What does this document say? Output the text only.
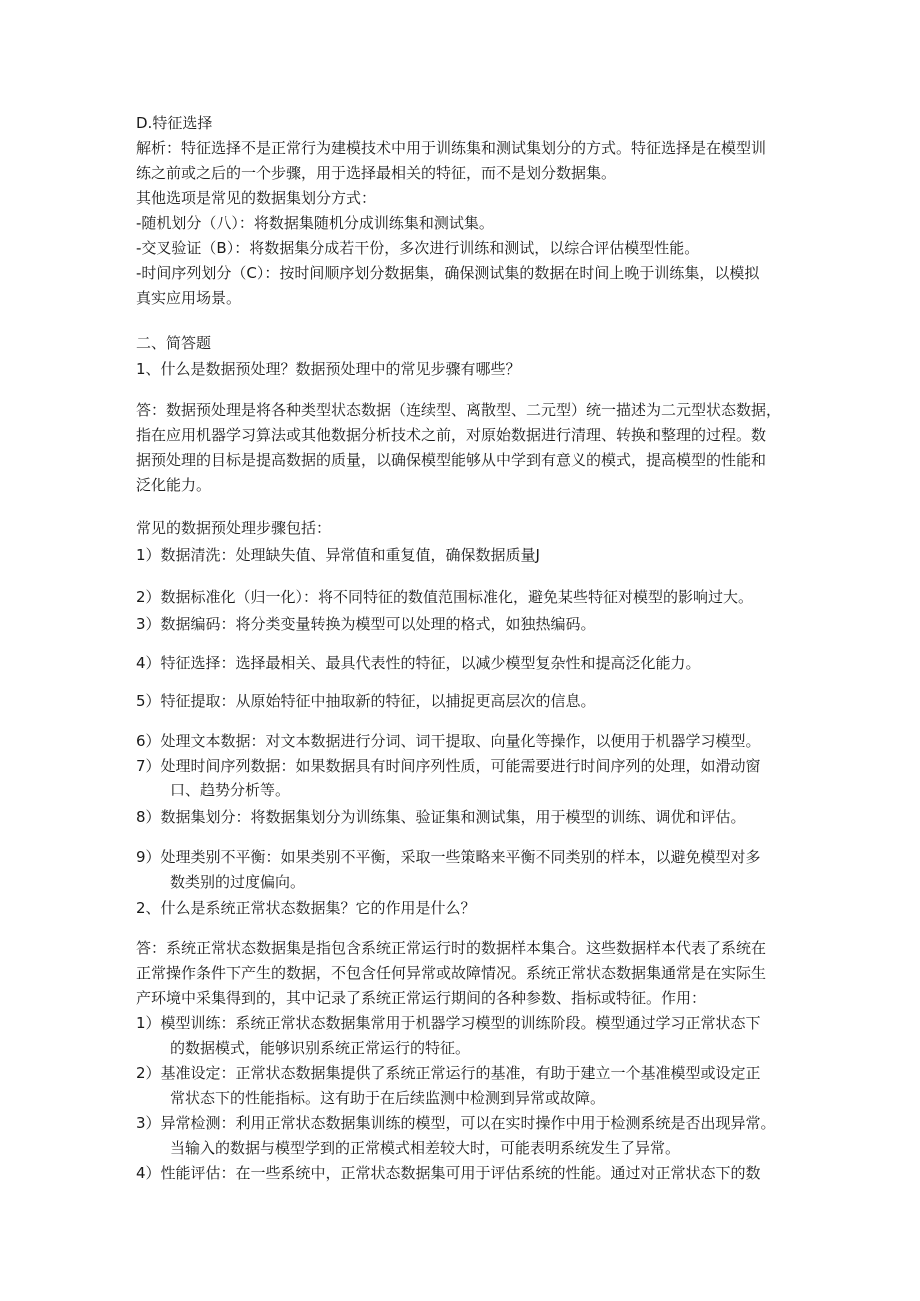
D.特征选择
解析：特征选择不是正常行为建模技术中用于训练集和测试集划分的方式。特征选择是在模型训
练之前或之后的一个步骤，用于选择最相关的特征，而不是划分数据集。
其他选项是常见的数据集划分方式：
-随机划分（八）：将数据集随机分成训练集和测试集。
-交叉验证（B）：将数据集分成若干份，多次进行训练和测试，以综合评估模型性能。
-时间序列划分（C）：按时间顺序划分数据集，确保测试集的数据在时间上晚于训练集，以模拟
真实应用场景。
二、简答题
1、什么是数据预处理？数据预处理中的常见步骤有哪些？
答：数据预处理是将各种类型状态数据（连续型、离散型、二元型）统一描述为二元型状态数据，
指在应用机器学习算法或其他数据分析技术之前，对原始数据进行清理、转换和整理的过程。数
据预处理的目标是提高数据的质量，以确保模型能够从中学到有意义的模式，提高模型的性能和
泛化能力。
常见的数据预处理步骤包括：
1）数据清洗：处理缺失值、异常值和重复值，确保数据质量J
2）数据标准化（归一化）：将不同特征的数值范围标准化，避免某些特征对模型的影响过大。
3）数据编码：将分类变量转换为模型可以处理的格式，如独热编码。
4）特征选择：选择最相关、最具代表性的特征，以减少模型复杂性和提高泛化能力。
5）特征提取：从原始特征中抽取新的特征，以捕捉更高层次的信息。
6）处理文本数据：对文本数据进行分词、词干提取、向量化等操作，以便用于机器学习模型。
7）处理时间序列数据：如果数据具有时间序列性质，可能需要进行时间序列的处理，如滑动窗
口、趋势分析等。
8）数据集划分：将数据集划分为训练集、验证集和测试集，用于模型的训练、调优和评估。
9）处理类别不平衡：如果类别不平衡，采取一些策略来平衡不同类别的样本，以避免模型对多
数类别的过度偏向。
2、什么是系统正常状态数据集？它的作用是什么？
答：系统正常状态数据集是指包含系统正常运行时的数据样本集合。这些数据样本代表了系统在
正常操作条件下产生的数据，不包含任何异常或故障情况。系统正常状态数据集通常是在实际生
产环境中采集得到的，其中记录了系统正常运行期间的各种参数、指标或特征。作用：
1）模型训练：系统正常状态数据集常用于机器学习模型的训练阶段。模型通过学习正常状态下
的数据模式，能够识别系统正常运行的特征。
2）基准设定：正常状态数据集提供了系统正常运行的基准，有助于建立一个基准模型或设定正
常状态下的性能指标。这有助于在后续监测中检测到异常或故障。
3）异常检测：利用正常状态数据集训练的模型，可以在实时操作中用于检测系统是否出现异常。
当输入的数据与模型学到的正常模式相差较大时，可能表明系统发生了异常。
4）性能评估：在一些系统中，正常状态数据集可用于评估系统的性能。通过对正常状态下的数
